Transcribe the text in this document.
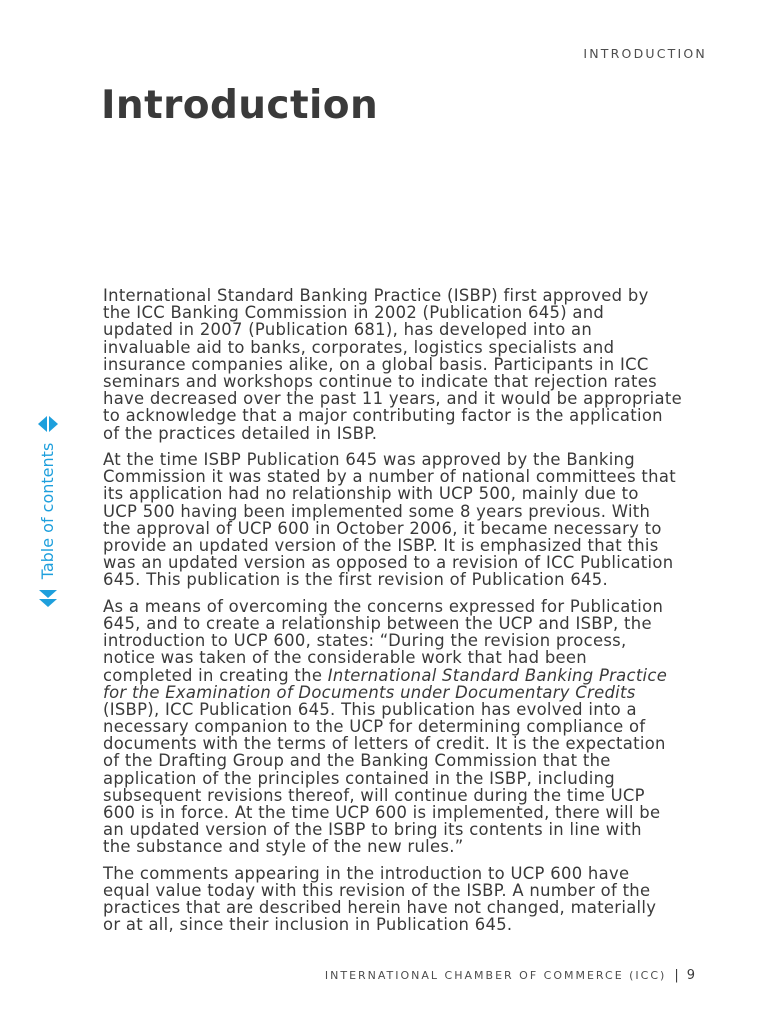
INTRODUCTION
Introduction
Table of contents

International Standard Banking Practice (ISBP) first approved by
the ICC Banking Commission in 2002 (Publication 645) and
updated in 2007 (Publication 681), has developed into an
invaluable aid to banks, corporates, logistics specialists and
insurance companies alike, on a global basis. Participants in ICC
seminars and workshops continue to indicate that rejection rates
have decreased over the past 11 years, and it would be appropriate
to acknowledge that a major contributing factor is the application
of the practices detailed in ISBP.

At the time ISBP Publication 645 was approved by the Banking
Commission it was stated by a number of national committees that
its application had no relationship with UCP 500, mainly due to
UCP 500 having been implemented some 8 years previous. With
the approval of UCP 600 in October 2006, it became necessary to
provide an updated version of the ISBP. It is emphasized that this
was an updated version as opposed to a revision of ICC Publication
645. This publication is the first revision of Publication 645.

As a means of overcoming the concerns expressed for Publication
645, and to create a relationship between the UCP and ISBP, the
introduction to UCP 600, states: “During the revision process,
notice was taken of the considerable work that had been
completed in creating the International Standard Banking Practice
for the Examination of Documents under Documentary Credits
(ISBP), ICC Publication 645. This publication has evolved into a
necessary companion to the UCP for determining compliance of
documents with the terms of letters of credit. It is the expectation
of the Drafting Group and the Banking Commission that the
application of the principles contained in the ISBP, including
subsequent revisions thereof, will continue during the time UCP
600 is in force. At the time UCP 600 is implemented, there will be
an updated version of the ISBP to bring its contents in line with
the substance and style of the new rules.”

The comments appearing in the introduction to UCP 600 have
equal value today with this revision of the ISBP. A number of the
practices that are described herein have not changed, materially
or at all, since their inclusion in Publication 645.

INTERNATIONAL CHAMBER OF COMMERCE (ICC) | 9
